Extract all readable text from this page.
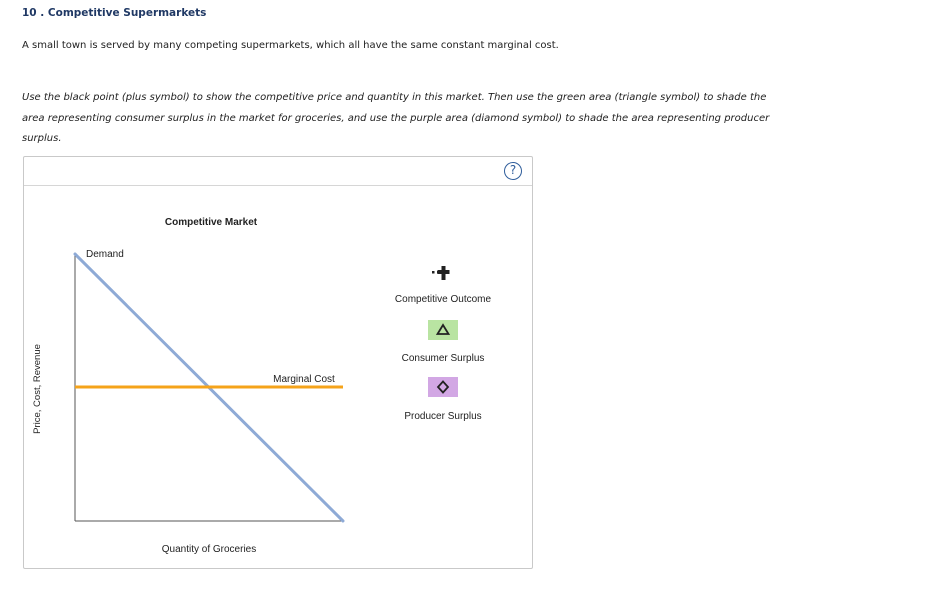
10 . Competitive Supermarkets
A small town is served by many competing supermarkets, which all have the same constant marginal cost.
Use the black point (plus symbol) to show the competitive price and quantity in this market. Then use the green area (triangle symbol) to shade the
area representing consumer surplus in the market for groceries, and use the purple area (diamond symbol) to shade the area representing producer
surplus.
?
Competitive Market
Demand
Marginal Cost
Quantity of Groceries
Price, Cost, Revenue
Competitive Outcome
Consumer Surplus
Producer Surplus
